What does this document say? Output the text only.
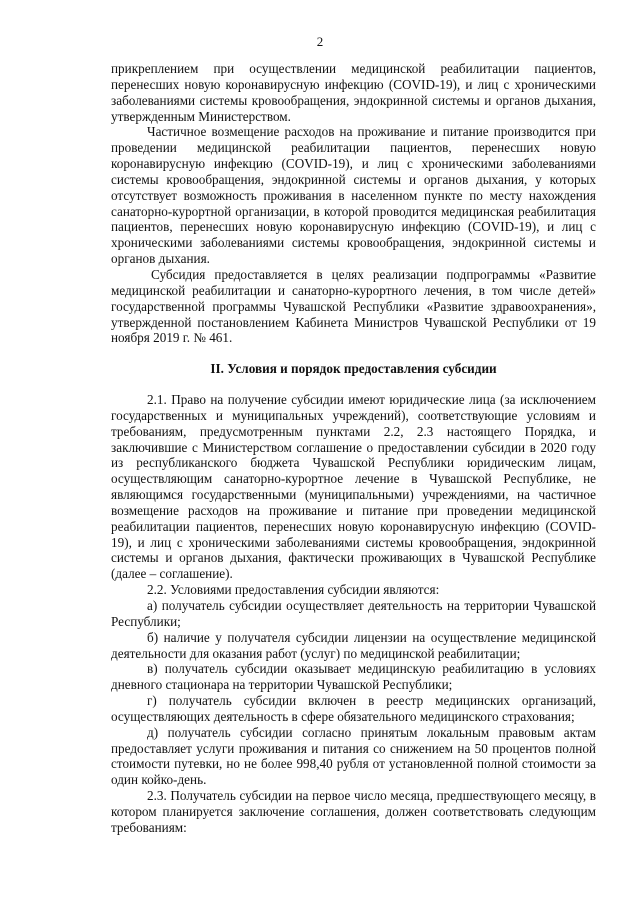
2

прикреплением при осуществлении медицинской реабилитации пациентов, перенесших новую коронавирусную инфекцию (COVID-19), и лиц с хроническими заболеваниями системы кровообращения, эндокринной системы и органов дыхания, утвержденным Министерством.

Частичное возмещение расходов на проживание и питание производится при проведении медицинской реабилитации пациентов, перенесших новую коронавирусную инфекцию (COVID-19), и лиц с хроническими заболеваниями системы кровообращения, эндокринной системы и органов дыхания, у которых отсутствует возможность проживания в населенном пункте по месту нахождения санаторно-курортной организации, в которой проводится медицинская реабилитация пациентов, перенесших новую коронавирусную инфекцию (COVID-19), и лиц с хроническими заболеваниями системы кровообращения, эндокринной системы и органов дыхания.

Субсидия предоставляется в целях реализации подпрограммы «Развитие медицинской реабилитации и санаторно-курортного лечения, в том числе детей» государственной программы Чувашской Республики «Развитие здравоохранения», утвержденной постановлением Кабинета Министров Чувашской Республики от 19 ноября 2019 г. № 461.

II. Условия и порядок предоставления субсидии

2.1. Право на получение субсидии имеют юридические лица (за исключением государственных и муниципальных учреждений), соответствующие условиям и требованиям, предусмотренным пунктами 2.2, 2.3 настоящего Порядка, и заключившие с Министерством соглашение о предоставлении субсидии в 2020 году из республиканского бюджета Чувашской Республики юридическим лицам, осуществляющим санаторно-курортное лечение в Чувашской Республике, не являющимся государственными (муниципальными) учреждениями, на частичное возмещение расходов на проживание и питание при проведении медицинской реабилитации пациентов, перенесших новую коронавирусную инфекцию (COVID-19), и лиц с хроническими заболеваниями системы кровообращения, эндокринной системы и органов дыхания, фактически проживающих в Чувашской Республике (далее – соглашение).

2.2. Условиями предоставления субсидии являются:

а) получатель субсидии осуществляет деятельность на территории Чувашской Республики;

б) наличие у получателя субсидии лицензии на осуществление медицинской деятельности для оказания работ (услуг) по медицинской реабилитации;

в) получатель субсидии оказывает медицинскую реабилитацию в условиях дневного стационара на территории Чувашской Республики;

г) получатель субсидии включен в реестр медицинских организаций, осуществляющих деятельность в сфере обязательного медицинского страхования;

д) получатель субсидии согласно принятым локальным правовым актам предоставляет услуги проживания и питания со снижением на 50 процентов полной стоимости путевки, но не более 998,40 рубля от установленной полной стоимости за один койко-день.

2.3. Получатель субсидии на первое число месяца, предшествующего месяцу, в котором планируется заключение соглашения, должен соответствовать следующим требованиям:
